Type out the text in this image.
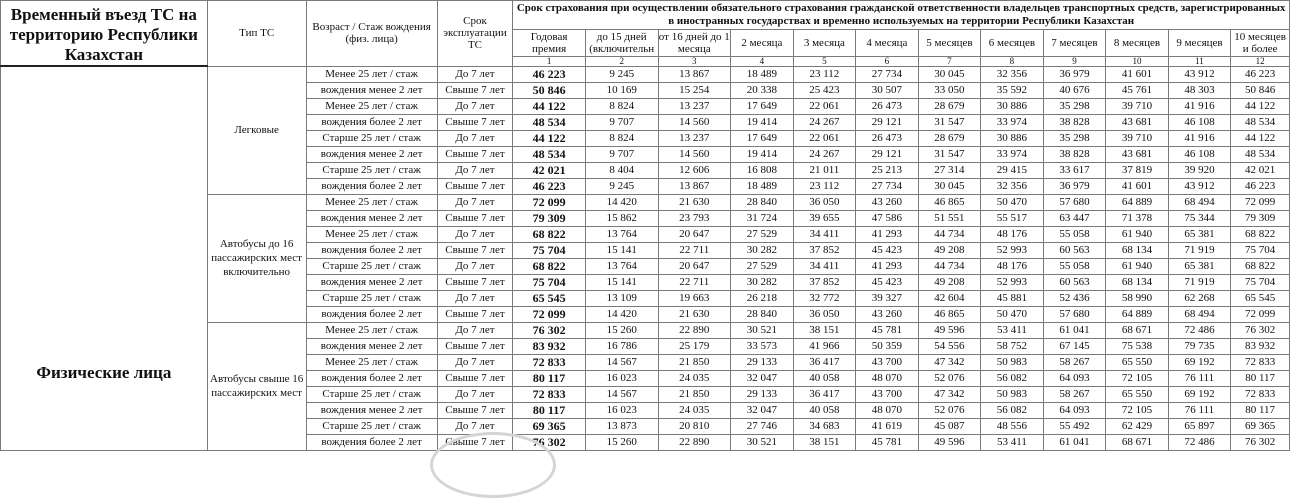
Временный въезд ТС на территорию Республики Казахстан	Тип ТС	Возраст / Стаж вождения (физ. лица)	Срок эксплуатации ТС	Срок страхования при осуществлении обязательного страхования гражданской ответственности владельцев транспортных средств, зарегистрированных в иностранных государствах и временно используемых на территории Республики Казахстан											
				Годовая премия	до 15 дней (включительн	от 16 дней до 1 месяца	2 месяца	3 месяца	4 месяца	5 месяцев	6 месяцев	7 месяцев	8 месяцев	9 месяцев	10 месяцев и более
				1	2	3	4	5	6	7	8	9	10	11	12
Физические лица	Легковые	Менее 25 лет / стаж	До 7 лет	46 223	9 245	13 867	18 489	23 112	27 734	30 045	32 356	36 979	41 601	43 912	46 223
		вождения менее 2 лет	Свыше 7 лет	50 846	10 169	15 254	20 338	25 423	30 507	33 050	35 592	40 676	45 761	48 303	50 846
		Менее 25 лет / стаж	До 7 лет	44 122	8 824	13 237	17 649	22 061	26 473	28 679	30 886	35 298	39 710	41 916	44 122
		вождения более 2 лет	Свыше 7 лет	48 534	9 707	14 560	19 414	24 267	29 121	31 547	33 974	38 828	43 681	46 108	48 534
		Старше 25 лет / стаж	До 7 лет	44 122	8 824	13 237	17 649	22 061	26 473	28 679	30 886	35 298	39 710	41 916	44 122
		вождения менее 2 лет	Свыше 7 лет	48 534	9 707	14 560	19 414	24 267	29 121	31 547	33 974	38 828	43 681	46 108	48 534
		Старше 25 лет / стаж	До 7 лет	42 021	8 404	12 606	16 808	21 011	25 213	27 314	29 415	33 617	37 819	39 920	42 021
		вождения более 2 лет	Свыше 7 лет	46 223	9 245	13 867	18 489	23 112	27 734	30 045	32 356	36 979	41 601	43 912	46 223
	Автобусы до 16 пассажирских мест включительно	Менее 25 лет / стаж	До 7 лет	72 099	14 420	21 630	28 840	36 050	43 260	46 865	50 470	57 680	64 889	68 494	72 099
		вождения менее 2 лет	Свыше 7 лет	79 309	15 862	23 793	31 724	39 655	47 586	51 551	55 517	63 447	71 378	75 344	79 309
		Менее 25 лет / стаж	До 7 лет	68 822	13 764	20 647	27 529	34 411	41 293	44 734	48 176	55 058	61 940	65 381	68 822
		вождения более 2 лет	Свыше 7 лет	75 704	15 141	22 711	30 282	37 852	45 423	49 208	52 993	60 563	68 134	71 919	75 704
		Старше 25 лет / стаж	До 7 лет	68 822	13 764	20 647	27 529	34 411	41 293	44 734	48 176	55 058	61 940	65 381	68 822
		вождения менее 2 лет	Свыше 7 лет	75 704	15 141	22 711	30 282	37 852	45 423	49 208	52 993	60 563	68 134	71 919	75 704
		Старше 25 лет / стаж	До 7 лет	65 545	13 109	19 663	26 218	32 772	39 327	42 604	45 881	52 436	58 990	62 268	65 545
		вождения более 2 лет	Свыше 7 лет	72 099	14 420	21 630	28 840	36 050	43 260	46 865	50 470	57 680	64 889	68 494	72 099
	Автобусы свыше 16 пассажирских мест	Менее 25 лет / стаж	До 7 лет	76 302	15 260	22 890	30 521	38 151	45 781	49 596	53 411	61 041	68 671	72 486	76 302
		вождения менее 2 лет	Свыше 7 лет	83 932	16 786	25 179	33 573	41 966	50 359	54 556	58 752	67 145	75 538	79 735	83 932
		Менее 25 лет / стаж	До 7 лет	72 833	14 567	21 850	29 133	36 417	43 700	47 342	50 983	58 267	65 550	69 192	72 833
		вождения более 2 лет	Свыше 7 лет	80 117	16 023	24 035	32 047	40 058	48 070	52 076	56 082	64 093	72 105	76 111	80 117
		Старше 25 лет / стаж	До 7 лет	72 833	14 567	21 850	29 133	36 417	43 700	47 342	50 983	58 267	65 550	69 192	72 833
		вождения менее 2 лет	Свыше 7 лет	80 117	16 023	24 035	32 047	40 058	48 070	52 076	56 082	64 093	72 105	76 111	80 117
		Старше 25 лет / стаж	До 7 лет	69 365	13 873	20 810	27 746	34 683	41 619	45 087	48 556	55 492	62 429	65 897	69 365
		вождения более 2 лет	Свыше 7 лет	76 302	15 260	22 890	30 521	38 151	45 781	49 596	53 411	61 041	68 671	72 486	76 302
